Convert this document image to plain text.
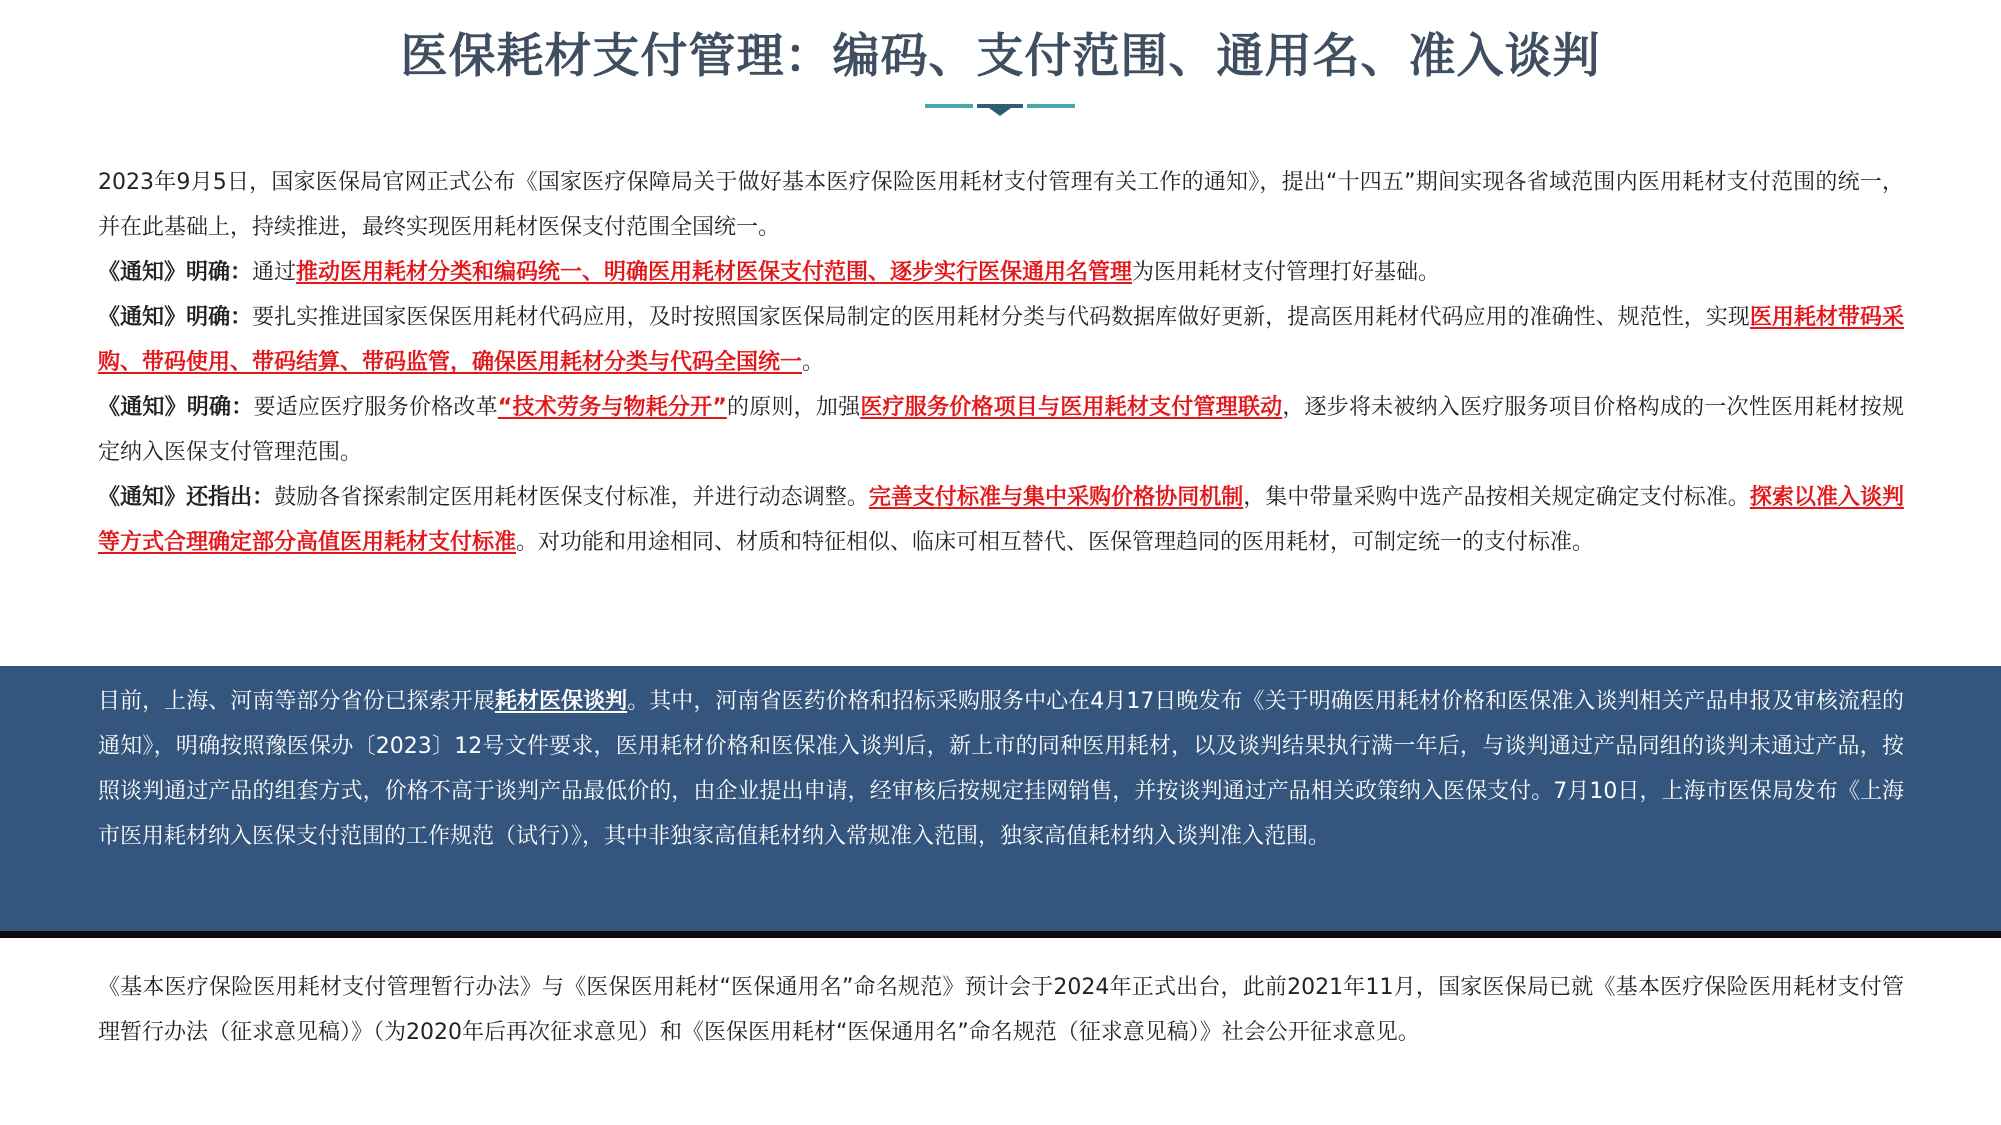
医保耗材支付管理：编码、支付范围、通用名、准入谈判

2023年9月5日，国家医保局官网正式公布《国家医疗保障局关于做好基本医疗保险医用耗材支付管理有关工作的通知》，提出“十四五”期间实现各省域范围内医用耗材支付范围的统一，并在此基础上，持续推进，最终实现医用耗材医保支付范围全国统一。

《通知》明确：通过推动医用耗材分类和编码统一、明确医用耗材医保支付范围、逐步实行医保通用名管理为医用耗材支付管理打好基础。

《通知》明确：要扎实推进国家医保医用耗材代码应用，及时按照国家医保局制定的医用耗材分类与代码数据库做好更新，提高医用耗材代码应用的准确性、规范性，实现医用耗材带码采购、带码使用、带码结算、带码监管，确保医用耗材分类与代码全国统一。

《通知》明确：要适应医疗服务价格改革“技术劳务与物耗分开”的原则，加强医疗服务价格项目与医用耗材支付管理联动，逐步将未被纳入医疗服务项目价格构成的一次性医用耗材按规定纳入医保支付管理范围。

《通知》还指出：鼓励各省探索制定医用耗材医保支付标准，并进行动态调整。完善支付标准与集中采购价格协同机制，集中带量采购中选产品按相关规定确定支付标准。探索以准入谈判等方式合理确定部分高值医用耗材支付标准。对功能和用途相同、材质和特征相似、临床可相互替代、医保管理趋同的医用耗材，可制定统一的支付标准。

目前，上海、河南等部分省份已探索开展耗材医保谈判。其中，河南省医药价格和招标采购服务中心在4月17日晚发布《关于明确医用耗材价格和医保准入谈判相关产品申报及审核流程的通知》，明确按照豫医保办〔2023〕12号文件要求，医用耗材价格和医保准入谈判后，新上市的同种医用耗材，以及谈判结果执行满一年后，与谈判通过产品同组的谈判未通过产品，按照谈判通过产品的组套方式，价格不高于谈判产品最低价的，由企业提出申请，经审核后按规定挂网销售，并按谈判通过产品相关政策纳入医保支付。7月10日，上海市医保局发布《上海市医用耗材纳入医保支付范围的工作规范（试行）》，其中非独家高值耗材纳入常规准入范围，独家高值耗材纳入谈判准入范围。

《基本医疗保险医用耗材支付管理暂行办法》与《医保医用耗材“医保通用名”命名规范》预计会于2024年正式出台，此前2021年11月，国家医保局已就《基本医疗保险医用耗材支付管理暂行办法（征求意见稿）》（为2020年后再次征求意见）和《医保医用耗材“医保通用名”命名规范（征求意见稿）》社会公开征求意见。
